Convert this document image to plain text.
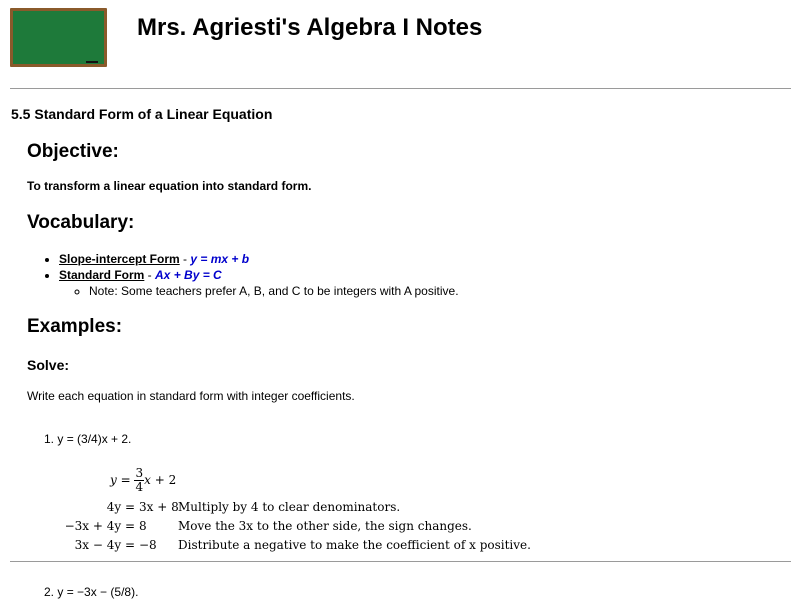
Mrs. Agriesti's Algebra I Notes
5.5 Standard Form of a Linear Equation
Objective:

To transform a linear equation into standard form.

Vocabulary:
• Slope-intercept Form - y = mx + b
• Standard Form - Ax + By = C
◦ Note: Some teachers prefer A, B, and C to be integers with A positive.
Examples:
Solve:

Write each equation in standard form with integer coefficients.

1. y = (3/4)x + 2.
$y = \frac{3}{4}$ x + 2
4y = 3x + 8 Multiply by 4 to clear denominators.
−3x + 4y = 8	Move the 3x to the other side, the sign changes.
3x − 4y = −8 Distribute a negative to make the coefficient of x positive.
2. y = −3x − (5/8).
